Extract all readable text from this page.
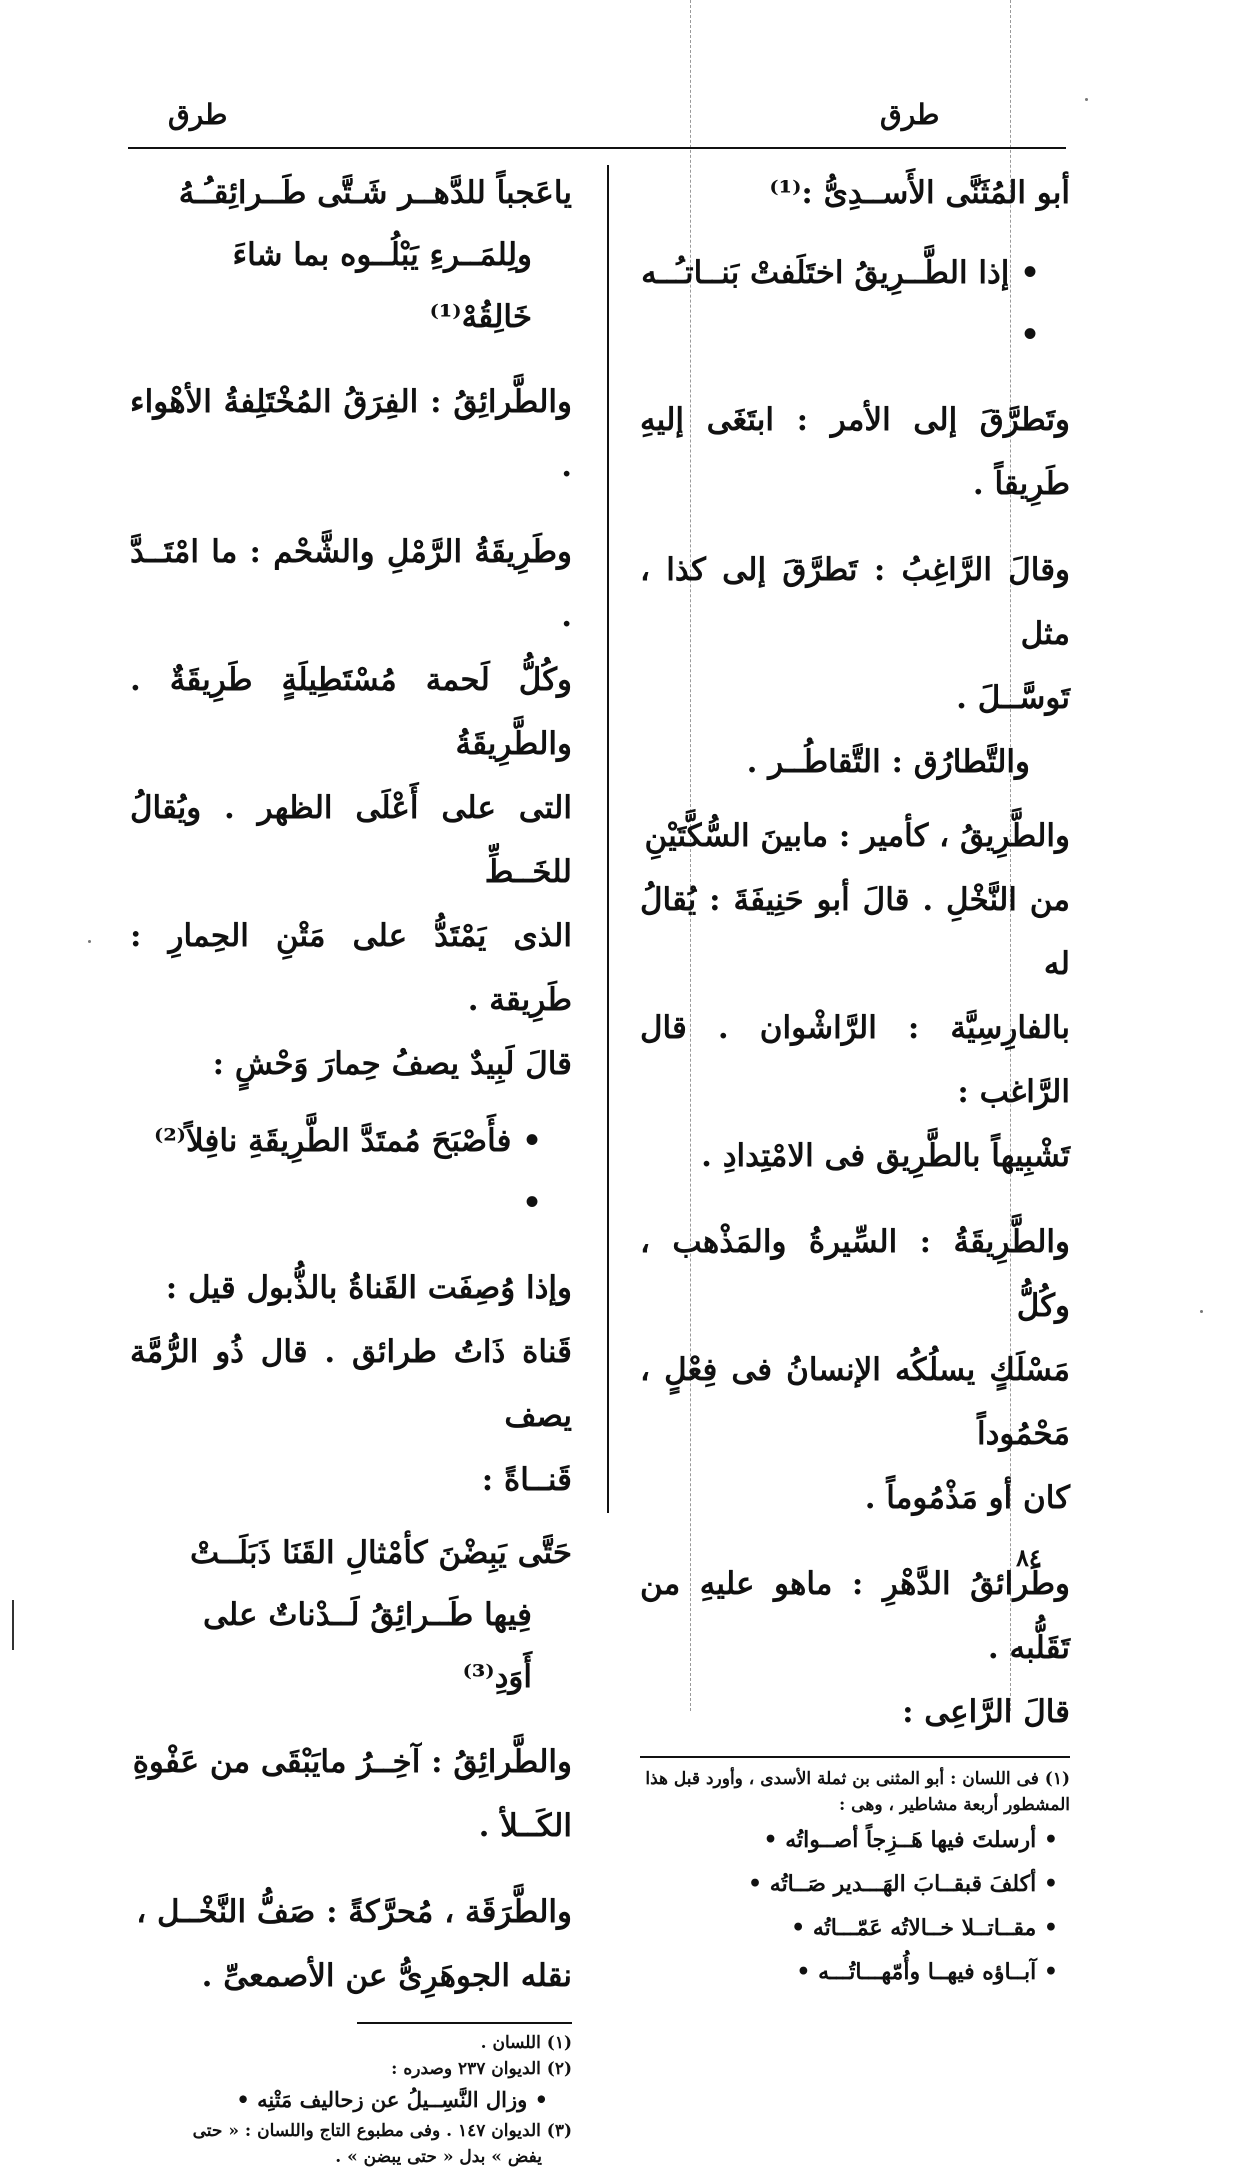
طرق
طرق

أبو المُثَنَّى الأَســدِىُّ :⁽¹⁾

• إذا الطَّــرِيقُ اختَلَفتْ بَنــاتـُــه •

وتَطرَّقَ إلى الأمر : ابتَغَى إليهِ طَرِيقاً .

وقالَ الرَّاغِبُ : تَطرَّقَ إلى كذا ، مثل

تَوسَّــلَ .

والتَّطارُق : التَّقاطُــر .

والطَّرِيقُ ، كأمير : مابينَ السُّكَّتَيْنِ

من النَّخْلِ . قالَ أبو حَنِيفَةَ : يُقالُ له

بالفارِسِيَّة : الرَّاشْوان . قال الرَّاغب :

تَشْبِيهاً بالطَّرِيق فى الامْتِدادِ .

والطَّرِيقَةُ : السِّيرةُ والمَذْهب ، وكُلُّ

مَسْلَكٍ يسلُكُه الإنسانُ فى فِعْلٍ ، مَحْمُوداً

كان أو مَذْمُوماً .

وطَرائقُ الدَّهْرِ : ماهو عليهِ من تَقَلُّبه .

قالَ الرَّاعِى :

(١) فى اللسان : أبو المثنى بن ثملة الأسدى ، وأورد قبل هذا

المشطور أربعة مشاطير ، وهى :

• أرسلتَ فيها هَــزِجاً أصــواتُه •

• أكلفَ قبقــابَ الهَـــدير صَــاتُه •

• مقــاتــلا خــالاتُه عَمّـــاتُه •

• آبــاؤه فيهــا وأُمّهـــاتُـــه •

ياعَجباً للدَّهــر شَـتَّى طَــرائِقـُـهُ

ولِلمَــرءِ يَبْلُــوه بما شاءَ خَالِقُهْ⁽¹⁾

والطَّرائِقُ : الفِرَقُ المُخْتَلِفةُ الأهْواء .

وطَرِيقَةُ الرَّمْلِ والشَّحْم : ما امْتَــدَّ .

وكُلُّ لَحمة مُسْتَطِيلَةٍ طَرِيقَةٌ . والطَّرِيقَةُ

التى على أَعْلَى الظهر . ويُقالُ للخَــطِّ

الذى يَمْتَدُّ على مَتْنِ الحِمارِ : طَرِيقة .

قالَ لَبِيدٌ يصفُ حِمارَ وَحْشٍ :

• فأَصْبَحَ مُمتَدَّ الطَّرِيقَةِ نافِلاً⁽²⁾ •

وإذا وُصِفَت القَناةُ بالذُّبول قيل :

قَناة ذَاتُ طرائق . قال ذُو الرُّمَّة يصف

قَنــاةً :

حَتَّى يَبِضْنَ كأمْثالِ القَنَا ذَبَلَــتْ

فِيها طَــرائِقُ لَــدْناتٌ على أَوَدِ⁽³⁾

والطَّرائِقُ : آخِــرُ مايَبْقَى من عَفْوةِ

الكَــلأ .

والطَّرَقَة ، مُحرَّكةً : صَفُّ النَّخْــل ،

نقله الجوهَرِىُّ عن الأصمعىِّ .

(١) اللسان .

(٢) الديوان ٢٣٧ وصدره :

• وزال النَّسِــيلُ عن زحاليف مَتْنِه •

(٣) الديوان ١٤٧ . وفى مطبوع التاج واللسان : « حتى

يفض » بدل « حتى يبضن » .

٨٤
